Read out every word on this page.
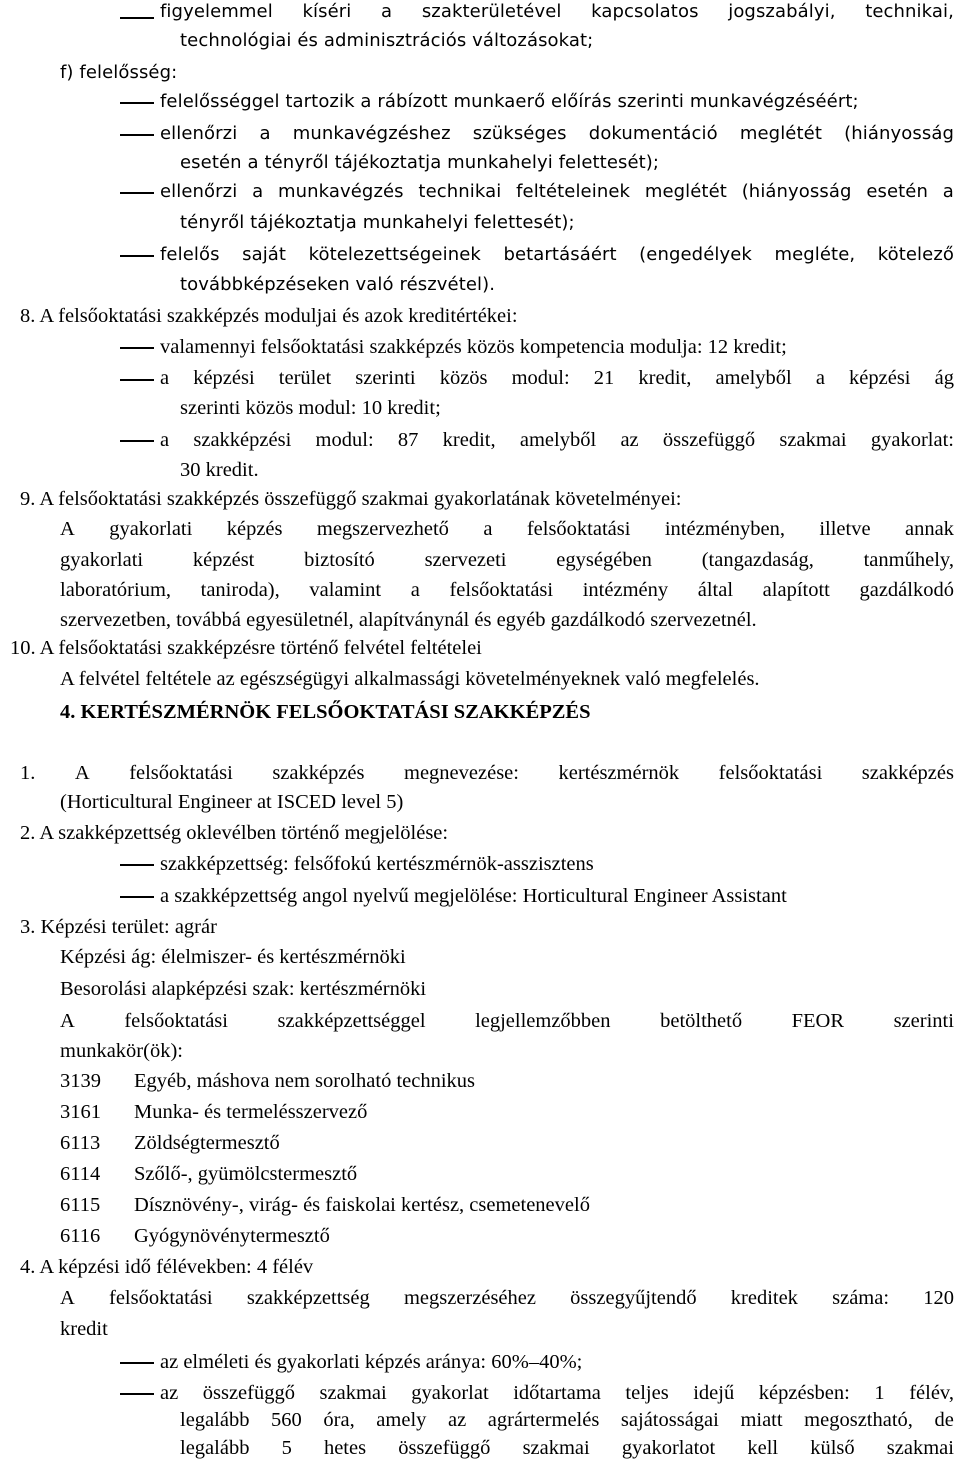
figyelemmel kíséri a szakterületével kapcsolatos jogszabályi, technikai,
technológiai és adminisztrációs változásokat;
f) felelősség:
felelősséggel tartozik a rábízott munkaerő előírás szerinti munkavégzéséért;
ellenőrzi a munkavégzéshez szükséges dokumentáció meglétét (hiányosság
esetén a tényről tájékoztatja munkahelyi felettesét);
ellenőrzi a munkavégzés technikai feltételeinek meglétét (hiányosság esetén a
tényről tájékoztatja munkahelyi felettesét);
felelős saját kötelezettségeinek betartásáért (engedélyek megléte, kötelező
továbbképzéseken való részvétel).
8. A felsőoktatási szakképzés moduljai és azok kreditértékei:
valamennyi felsőoktatási szakképzés közös kompetencia modulja: 12 kredit;
a képzési terület szerinti közös modul: 21 kredit, amelyből a képzési ág
szerinti közös modul: 10 kredit;
a szakképzési modul: 87 kredit, amelyből az összefüggő szakmai gyakorlat:
30 kredit.
9. A felsőoktatási szakképzés összefüggő szakmai gyakorlatának követelményei:
A gyakorlati képzés megszervezhető a felsőoktatási intézményben, illetve annak
gyakorlati képzést biztosító szervezeti egységében (tangazdaság, tanműhely,
laboratórium, taniroda), valamint a felsőoktatási intézmény által alapított gazdálkodó
szervezetben, továbbá egyesületnél, alapítványnál és egyéb gazdálkodó szervezetnél.
10. A felsőoktatási szakképzésre történő felvétel feltételei
A felvétel feltétele az egészségügyi alkalmassági követelményeknek való megfelelés.
4. KERTÉSZMÉRNÖK FELSŐOKTATÁSI SZAKKÉPZÉS
1. A felsőoktatási szakképzés megnevezése: kertészmérnök felsőoktatási szakképzés
(Horticultural Engineer at ISCED level 5)
2. A szakképzettség oklevélben történő megjelölése:
szakképzettség: felsőfokú kertészmérnök-asszisztens
a szakképzettség angol nyelvű megjelölése: Horticultural Engineer Assistant
3. Képzési terület: agrár
Képzési ág: élelmiszer- és kertészmérnöki
Besorolási alapképzési szak: kertészmérnöki
A felsőoktatási szakképzettséggel legjellemzőbben betölthető FEOR szerinti
munkakör(ök):
3139 Egyéb, máshova nem sorolható technikus
3161 Munka- és termelésszervező
6113 Zöldségtermesztő
6114 Szőlő-, gyümölcstermesztő
6115 Dísznövény-, virág- és faiskolai kertész, csemetenevelő
6116 Gyógynövénytermesztő
4. A képzési idő félévekben: 4 félév
A felsőoktatási szakképzettség megszerzéséhez összegyűjtendő kreditek száma: 120
kredit
az elméleti és gyakorlati képzés aránya: 60%–40%;
az összefüggő szakmai gyakorlat időtartama teljes idejű képzésben: 1 félév,
legalább 560 óra, amely az agrártermelés sajátosságai miatt megosztható, de
legalább 5 hetes összefüggő szakmai gyakorlatot kell külső szakmai
